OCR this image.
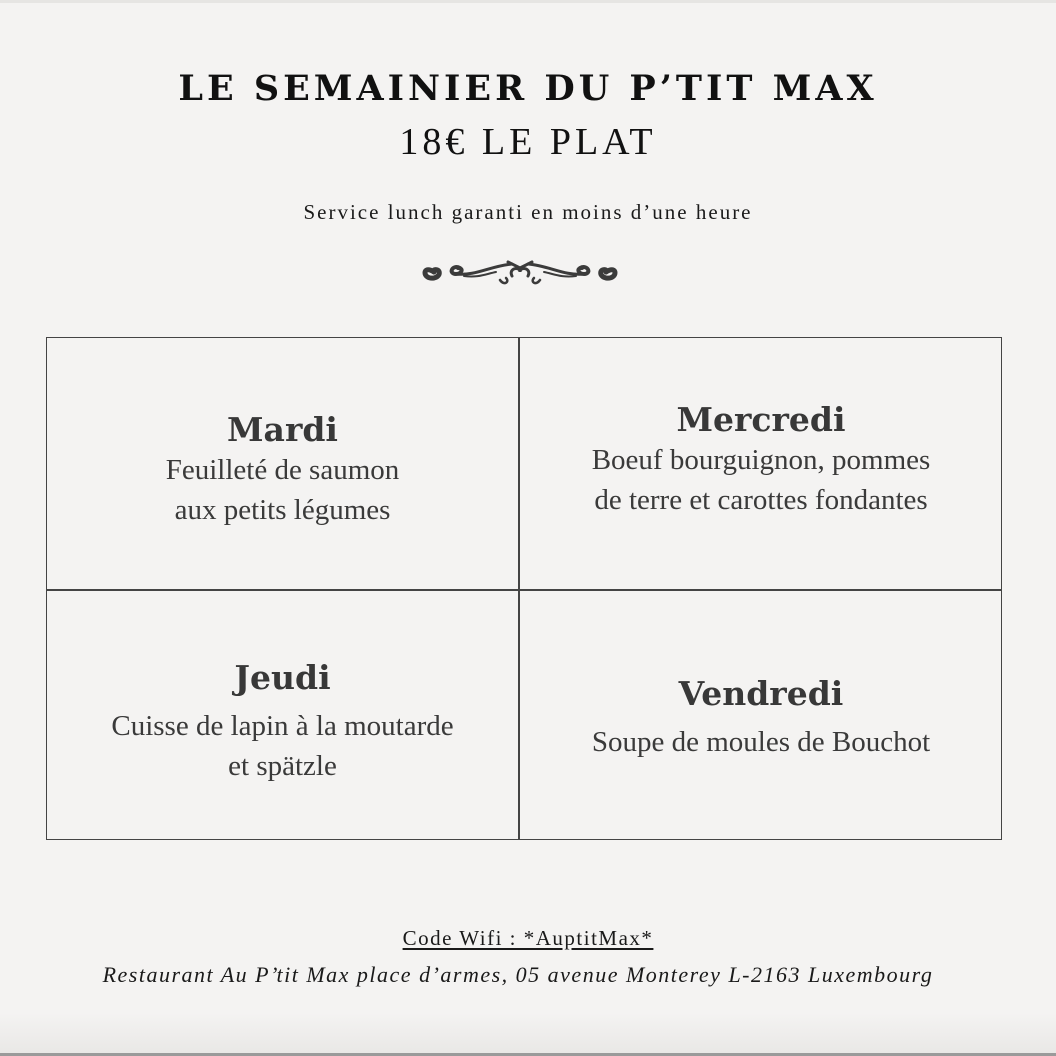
LE SEMAINIER DU P’TIT MAX
18€ LE PLAT
Service lunch garanti en moins d’une heure
Mardi
Feuilleté de saumon
aux petits légumes
Mercredi
Boeuf bourguignon, pommes
de terre et carottes fondantes
Jeudi
Cuisse de lapin à la moutarde
et spätzle
Vendredi
Soupe de moules de Bouchot
Code Wifi : *AuptitMax*
Restaurant Au P’tit Max place d’armes, 05 avenue Monterey L-2163 Luxembourg
